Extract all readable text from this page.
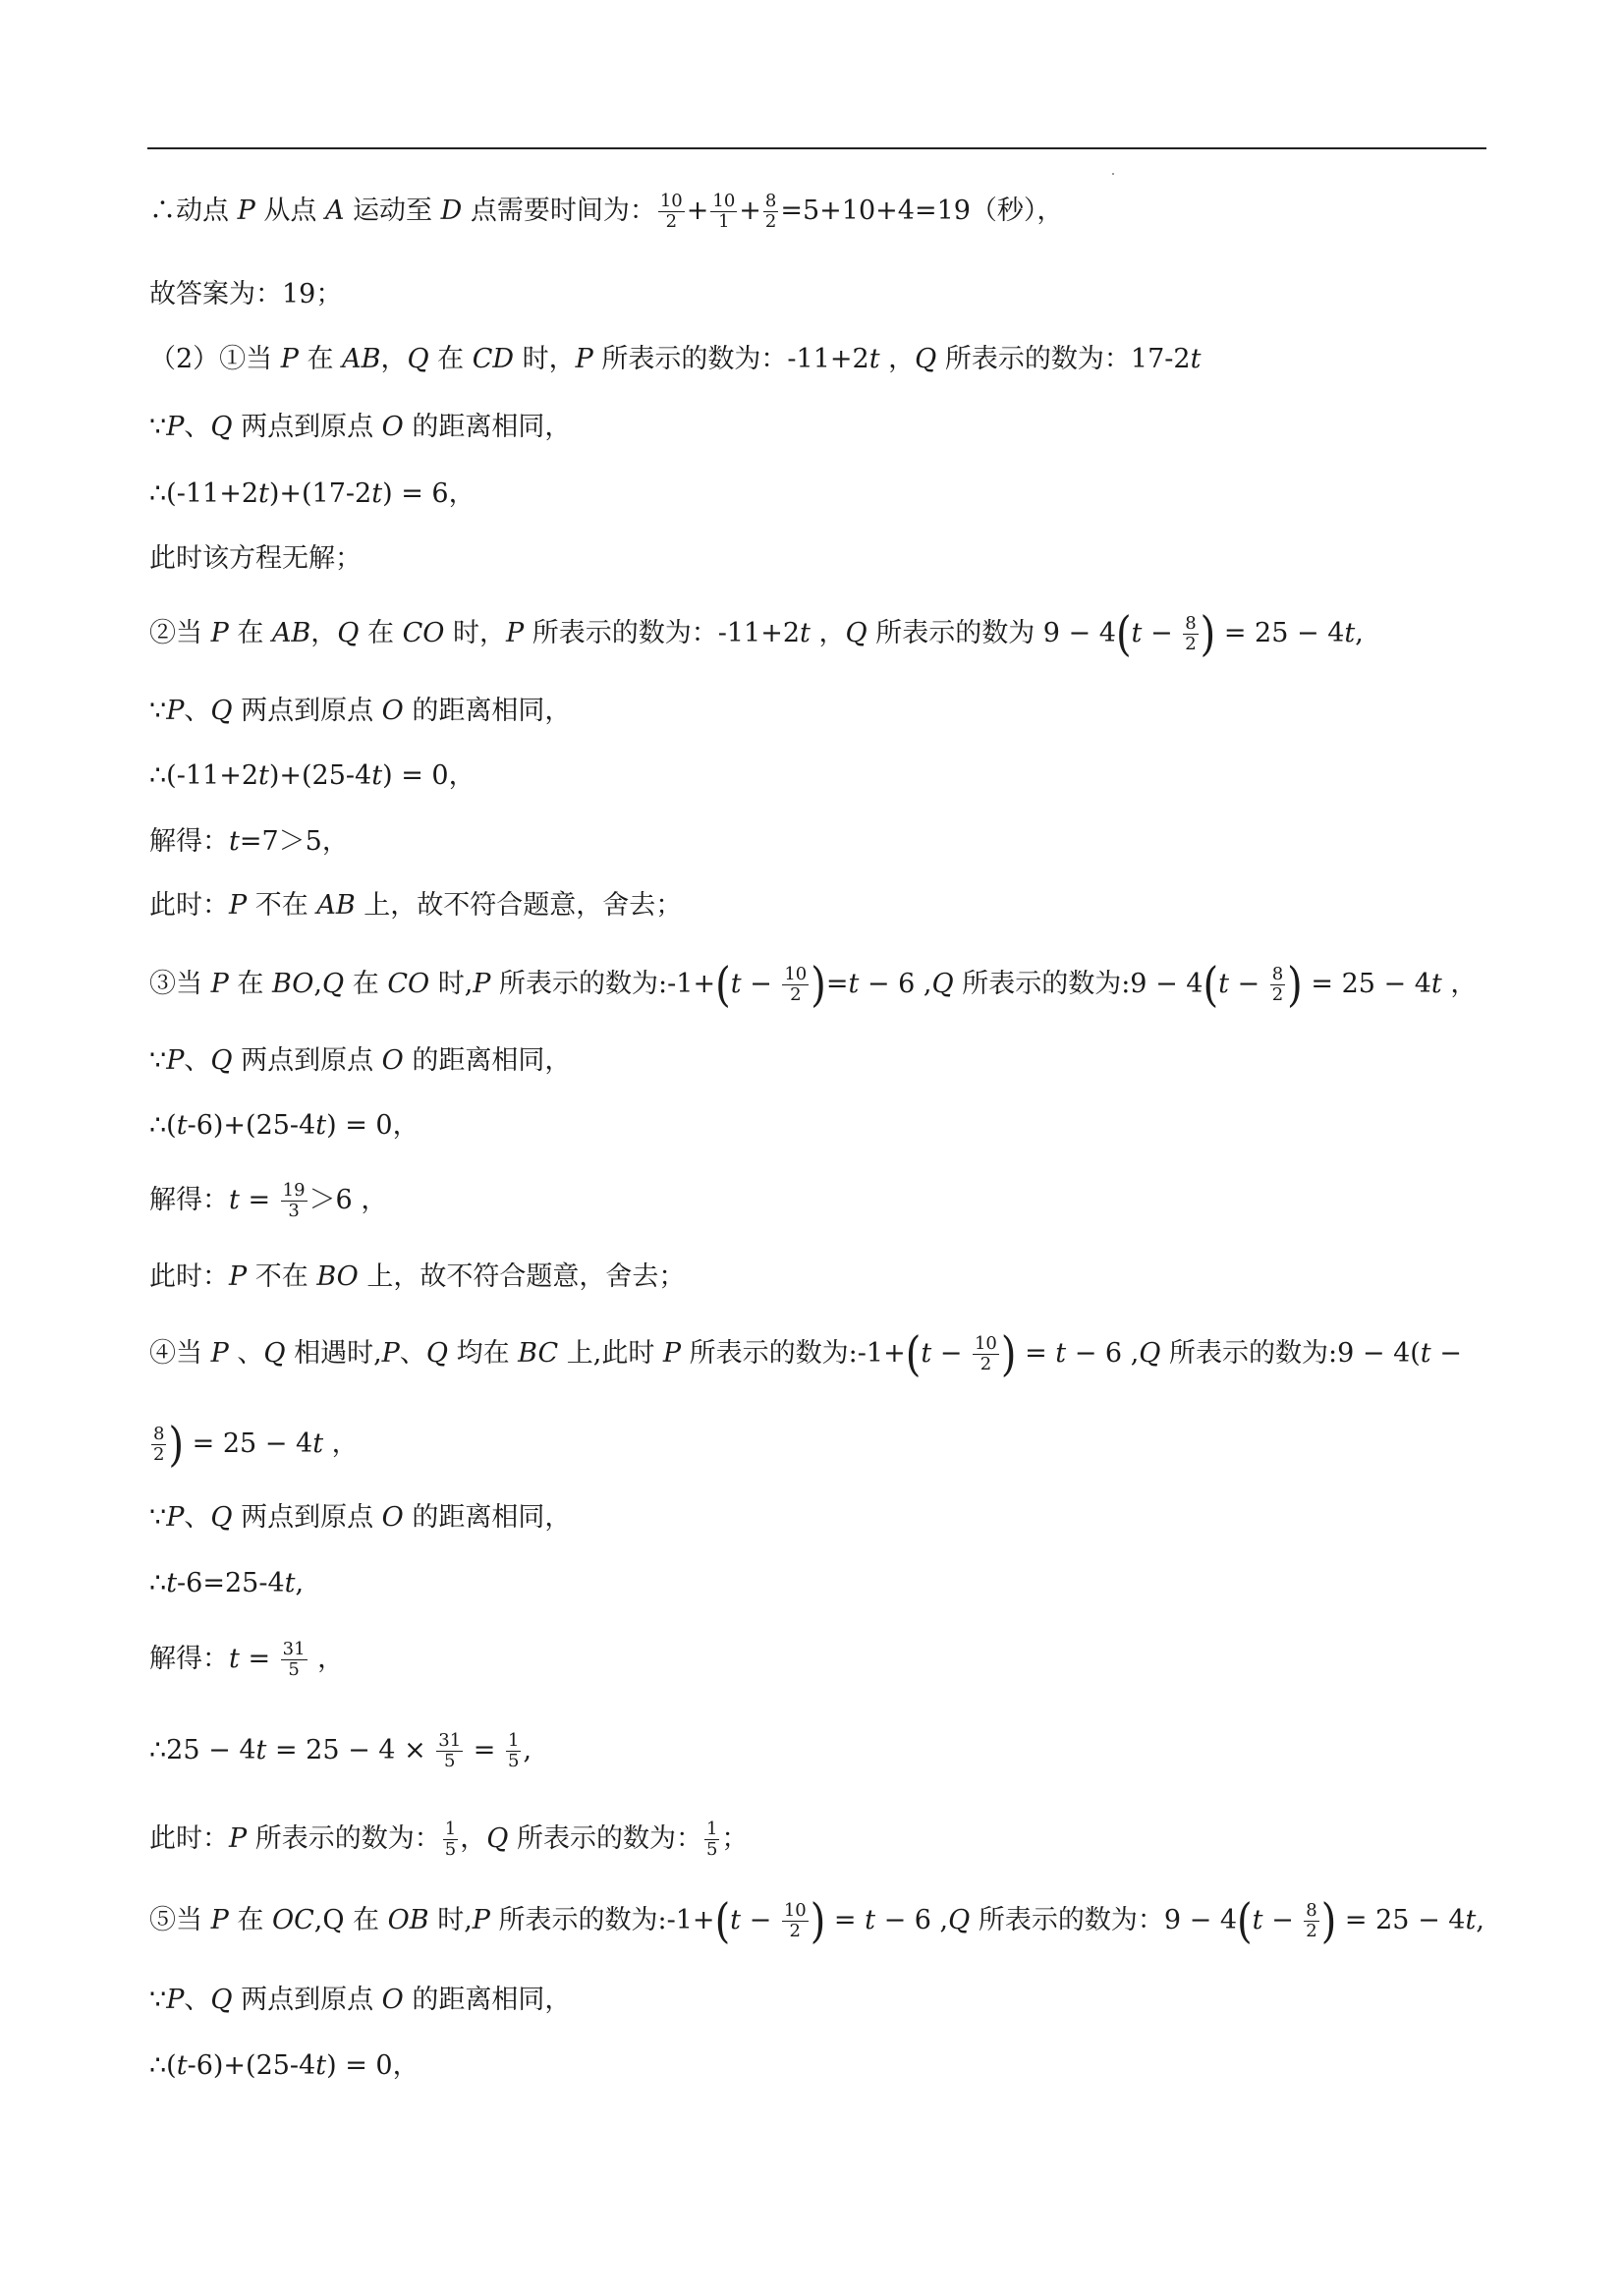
∴动点 P 从点 A 运动至 D 点需要时间为： $\frac{10}{2} + \frac{10}{1} + \frac{8}{2} =5+10+4=19$（秒），
故答案为：19；
（2）①当 P 在 AB，Q 在 CD 时，P 所表示的数为：-11+2t ，Q 所表示的数为：17-2t
∵P、Q 两点到原点 O 的距离相同，
∴(-11+2t)+(17-2t) = 6，
此时该方程无解；
②当 P 在 AB，Q 在 CO 时，P 所表示的数为：-11+2t ，Q 所表示的数为 $9 - 4(t - \frac{8}{2}$ ) = 25 − 4t,
∵P、Q 两点到原点 O 的距离相同，
∴(-11+2t)+(25-4t) = 0，
解得：t=7＞5，
此时：P 不在 AB 上，故不符合题意，舍去；
③当 P 在 BO,Q 在 CO 时,P 所表示的数为:-1+(t − $\frac{10}{2} )=t - 6$ ,Q 所表示的数为:9 − $4(t - \frac{8}{2}$ ) = 25 − 4t ，
∵P、Q 两点到原点 O 的距离相同，
∴(t-6)+(25-4t) = 0，
解得：$t = \frac{19}{3} >6$ ，
此时：P 不在 BO 上，故不符合题意，舍去；
④当 P 、Q 相遇时,P、Q 均在 BC 上,此时 P 所表示的数为:-1+(t − $\frac{10}{2}$ ) = t − 6 ,Q 所表示的数为:9 − 4(t −
$\frac{8}{2}$ ) = 25 − 4t ，
∵P、Q 两点到原点 O 的距离相同，
∴t-6=25-4t,
解得：$t = \frac{31}{5}$ ，
∴25 − $4t = 25 - 4 \times \frac{31}{5} = \frac{1}{5}$ ,
此时：P 所表示的数为： $\frac{1}{5}$ ，Q 所表示的数为： $\frac{1}{5}$ ；
⑤当 P 在 OC,Q 在 OB 时,P 所表示的数为:-1+(t − $\frac{10}{2}$ ) = t − 6 ,Q 所表示的数为：$9 - 4(t - \frac{8}{2}$ ) = 25 − 4t,
∵P、Q 两点到原点 O 的距离相同，
∴(t-6)+(25-4t) = 0，
